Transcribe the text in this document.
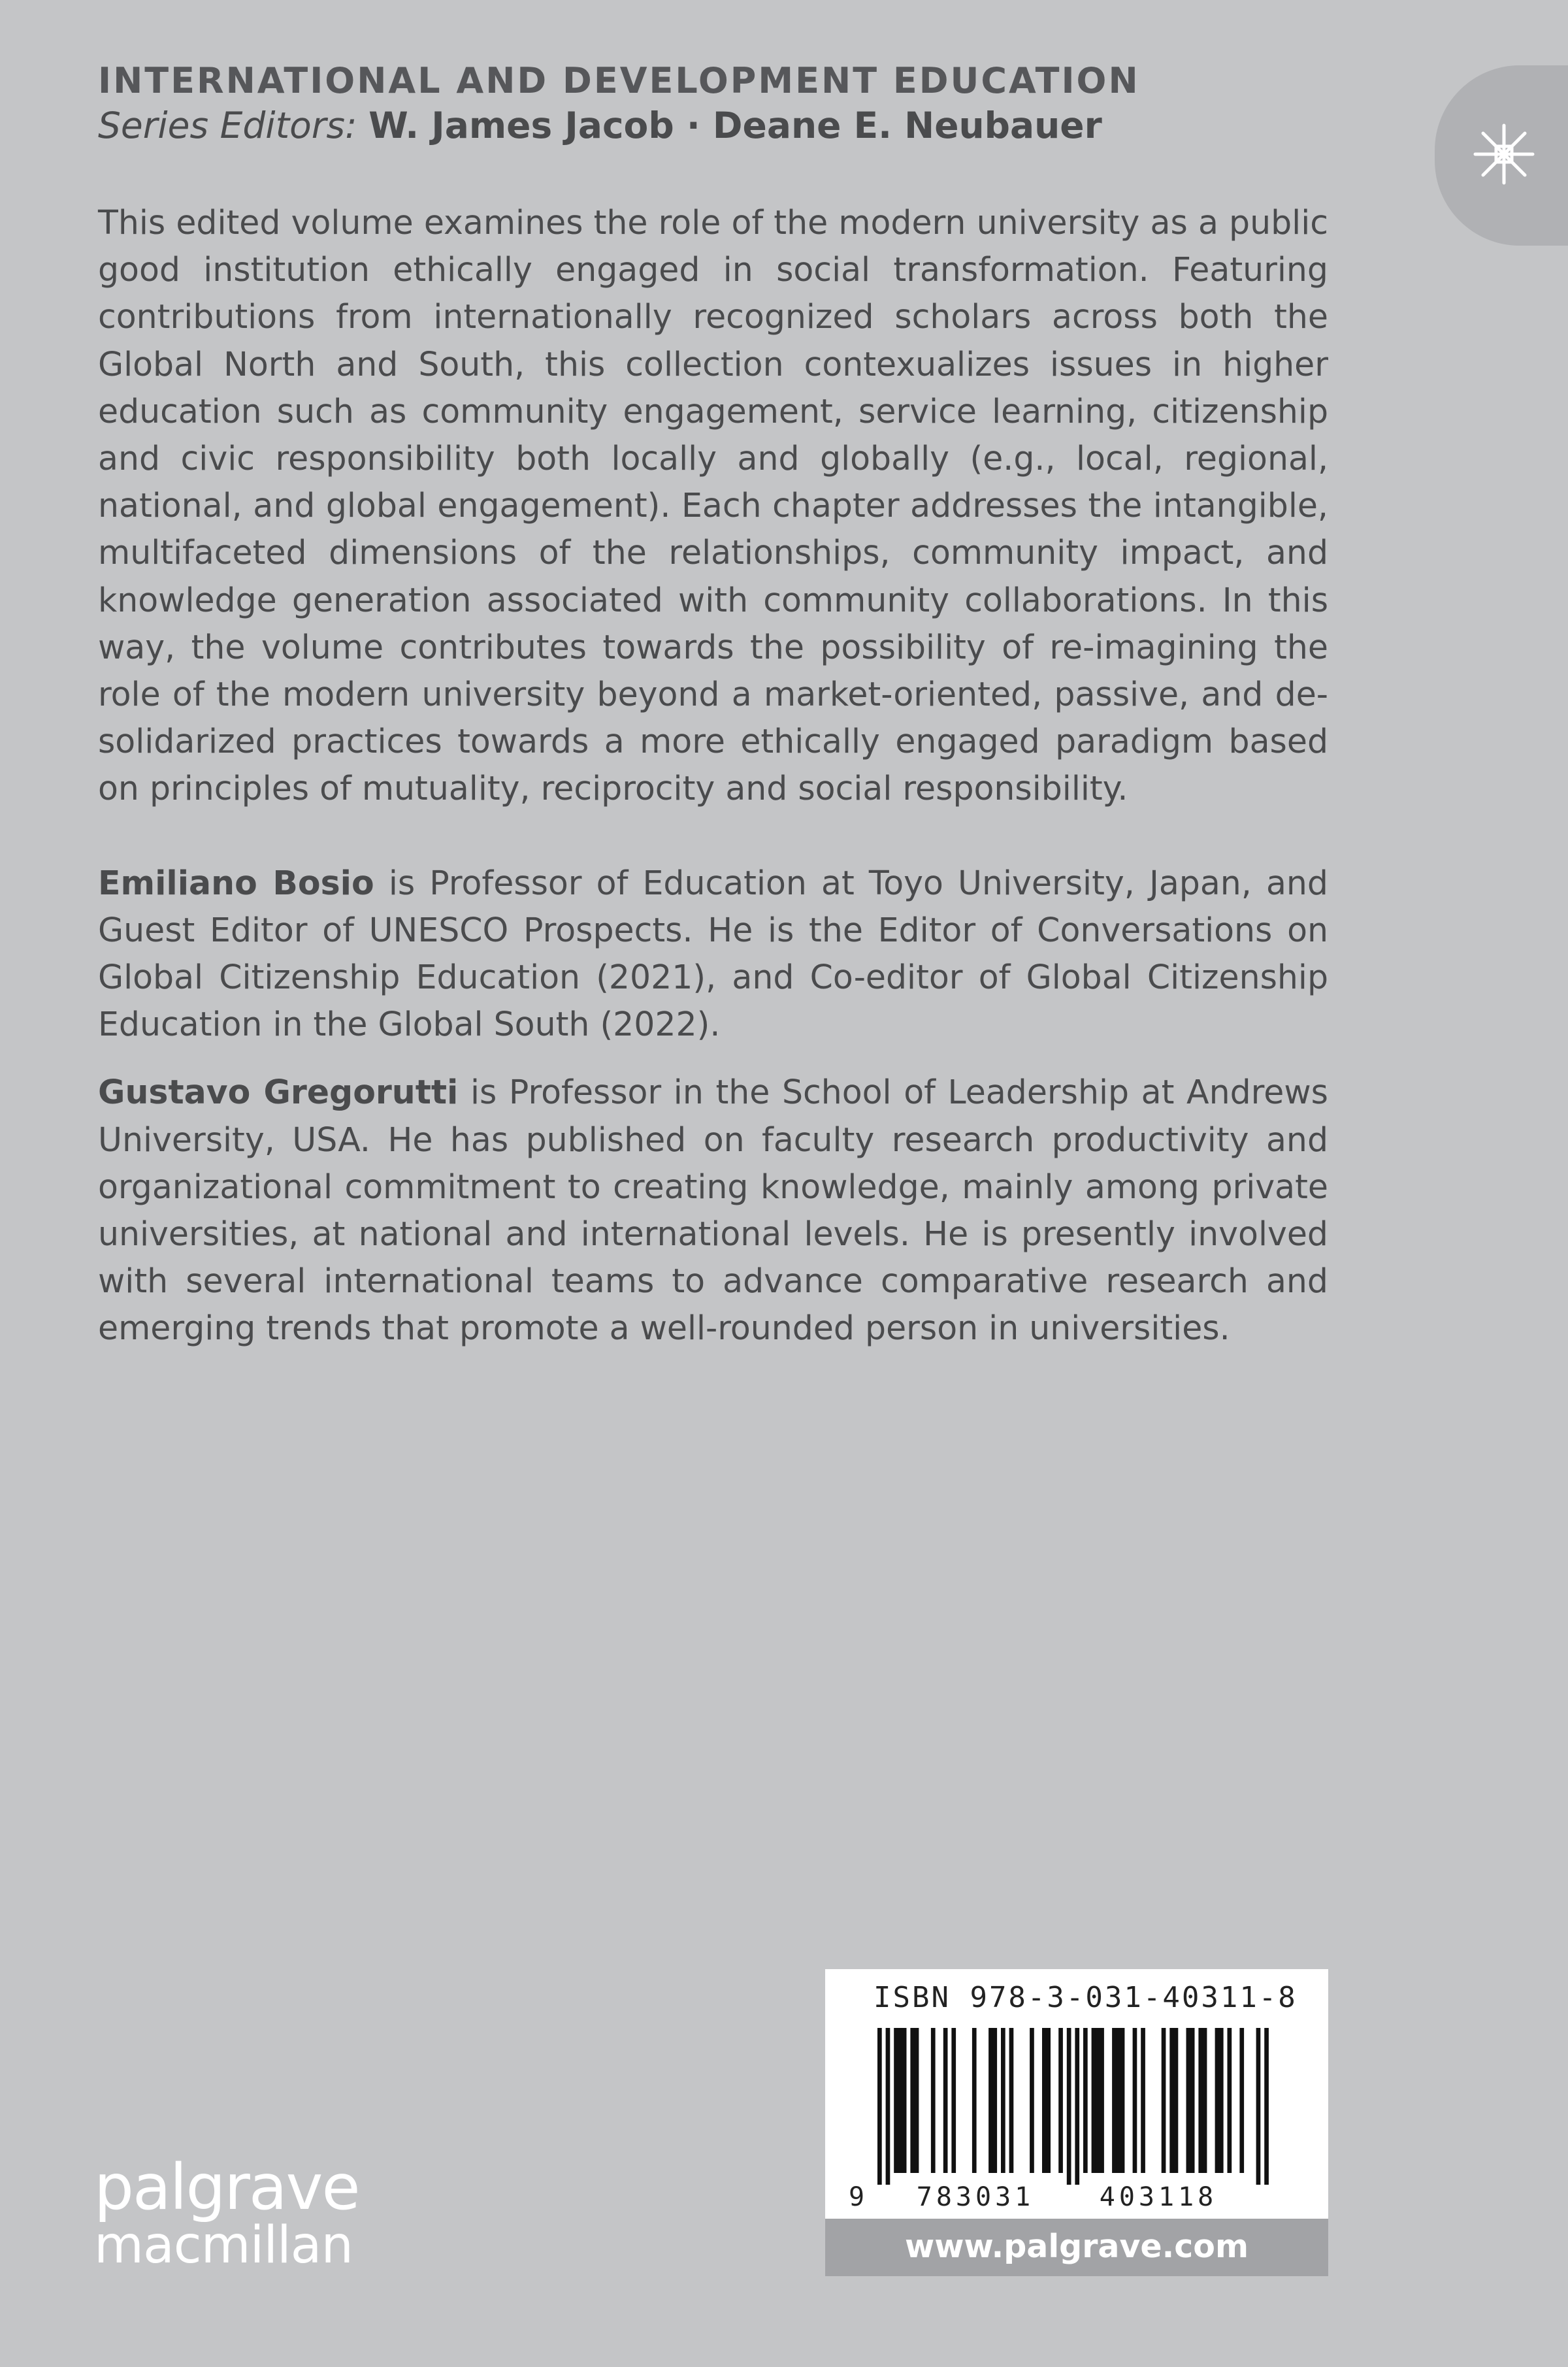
INTERNATIONAL AND DEVELOPMENT EDUCATION
Series Editors: W. James Jacob · Deane E. Neubauer

This edited volume examines the role of the modern university as a public good institution ethically engaged in social transformation. Featuring contributions from internationally recognized scholars across both the Global North and South, this collection contexualizes issues in higher education such as community engagement, service learning, citizenship and civic responsibility both locally and globally (e.g., local, regional, national, and global engagement). Each chapter addresses the intangible, multifaceted dimensions of the relationships, community impact, and knowledge generation associated with community collaborations. In this way, the volume contributes towards the possibility of re-imagining the role of the modern university beyond a market-oriented, passive, and de-solidarized practices towards a more ethically engaged paradigm based on principles of mutuality, reciprocity and social responsibility.

Emiliano Bosio is Professor of Education at Toyo University, Japan, and Guest Editor of UNESCO Prospects. He is the Editor of Conversations on Global Citizenship Education (2021), and Co-editor of Global Citizenship Education in the Global South (2022).

Gustavo Gregorutti is Professor in the School of Leadership at Andrews University, USA. He has published on faculty research productivity and organizational commitment to creating knowledge, mainly among private universities, at national and international levels. He is presently involved with several international teams to advance comparative research and emerging trends that promote a well-rounded person in universities.

palgrave
macmillan
ISBN 978-3-031-40311-8
9 783031 403118
www.palgrave.com
